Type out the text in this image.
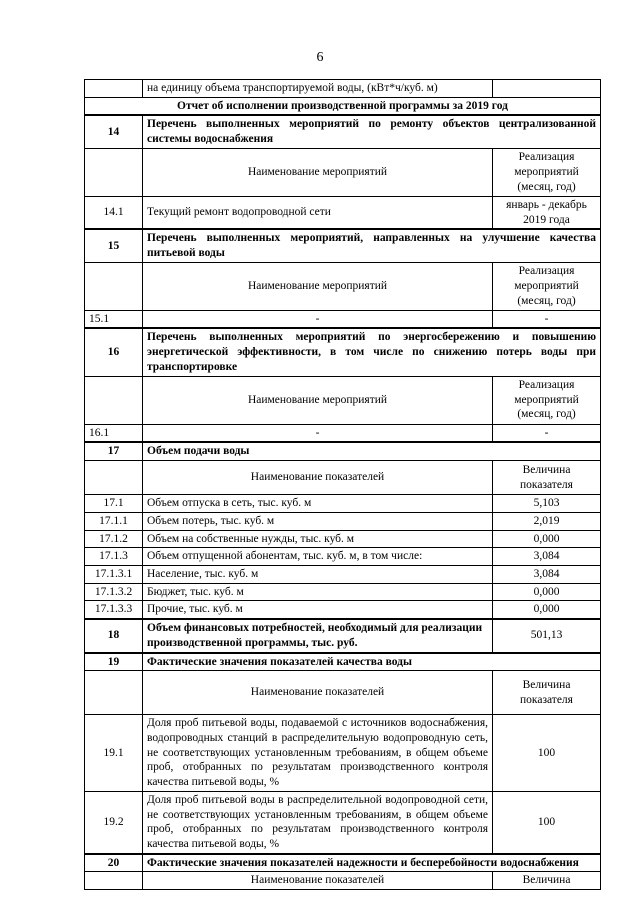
6
	на единицу объема транспортируемой воды, (кВт*ч/куб. м)	
Отчет об исполнении производственной программы за 2019 год		
14	Перечень выполненных мероприятий по ремонту объектов централизованной системы водоснабжения	
	Наименование мероприятий	Реализация мероприятий (месяц, год)
14.1	Текущий ремонт водопроводной сети	январь - декабрь 2019 года
15	Перечень выполненных мероприятий, направленных на улучшение качества питьевой воды	
	Наименование мероприятий	Реализация мероприятий (месяц, год)
15.1	-	-
16	Перечень выполненных мероприятий по энергосбережению и повышению энергетической эффективности, в том числе по снижению потерь воды при транспортировке	
	Наименование мероприятий	Реализация мероприятий (месяц, год)
16.1	-	-
17	Объем подачи воды	
	Наименование показателей	Величина показателя
17.1	Объем отпуска в сеть, тыс. куб. м	5,103
17.1.1	Объем потерь, тыс. куб. м	2,019
17.1.2	Объем на собственные нужды, тыс. куб. м	0,000
17.1.3	Объем отпущенной абонентам, тыс. куб. м, в том числе:	3,084
17.1.3.1	Население, тыс. куб. м	3,084
17.1.3.2	Бюджет, тыс. куб. м	0,000
17.1.3.3	Прочие, тыс. куб. м	0,000
18	Объем финансовых потребностей, необходимый для реализации производственной программы, тыс. руб.	501,13
19	Фактические значения показателей качества воды	
	Наименование показателей	Величина показателя
19.1	Доля проб питьевой воды, подаваемой с источников водоснабжения, водопроводных станций в распределительную водопроводную сеть, не соответствующих установленным требованиям, в общем объеме проб, отобранных по результатам производственного контроля качества питьевой воды, %	100
19.2	Доля проб питьевой воды в распределительной водопроводной сети, не соответствующих установленным требованиям, в общем объеме проб, отобранных по результатам производственного контроля качества питьевой воды, %	100
20	Фактические значения показателей надежности и бесперебойности водоснабжения	
	Наименование показателей	Величина
